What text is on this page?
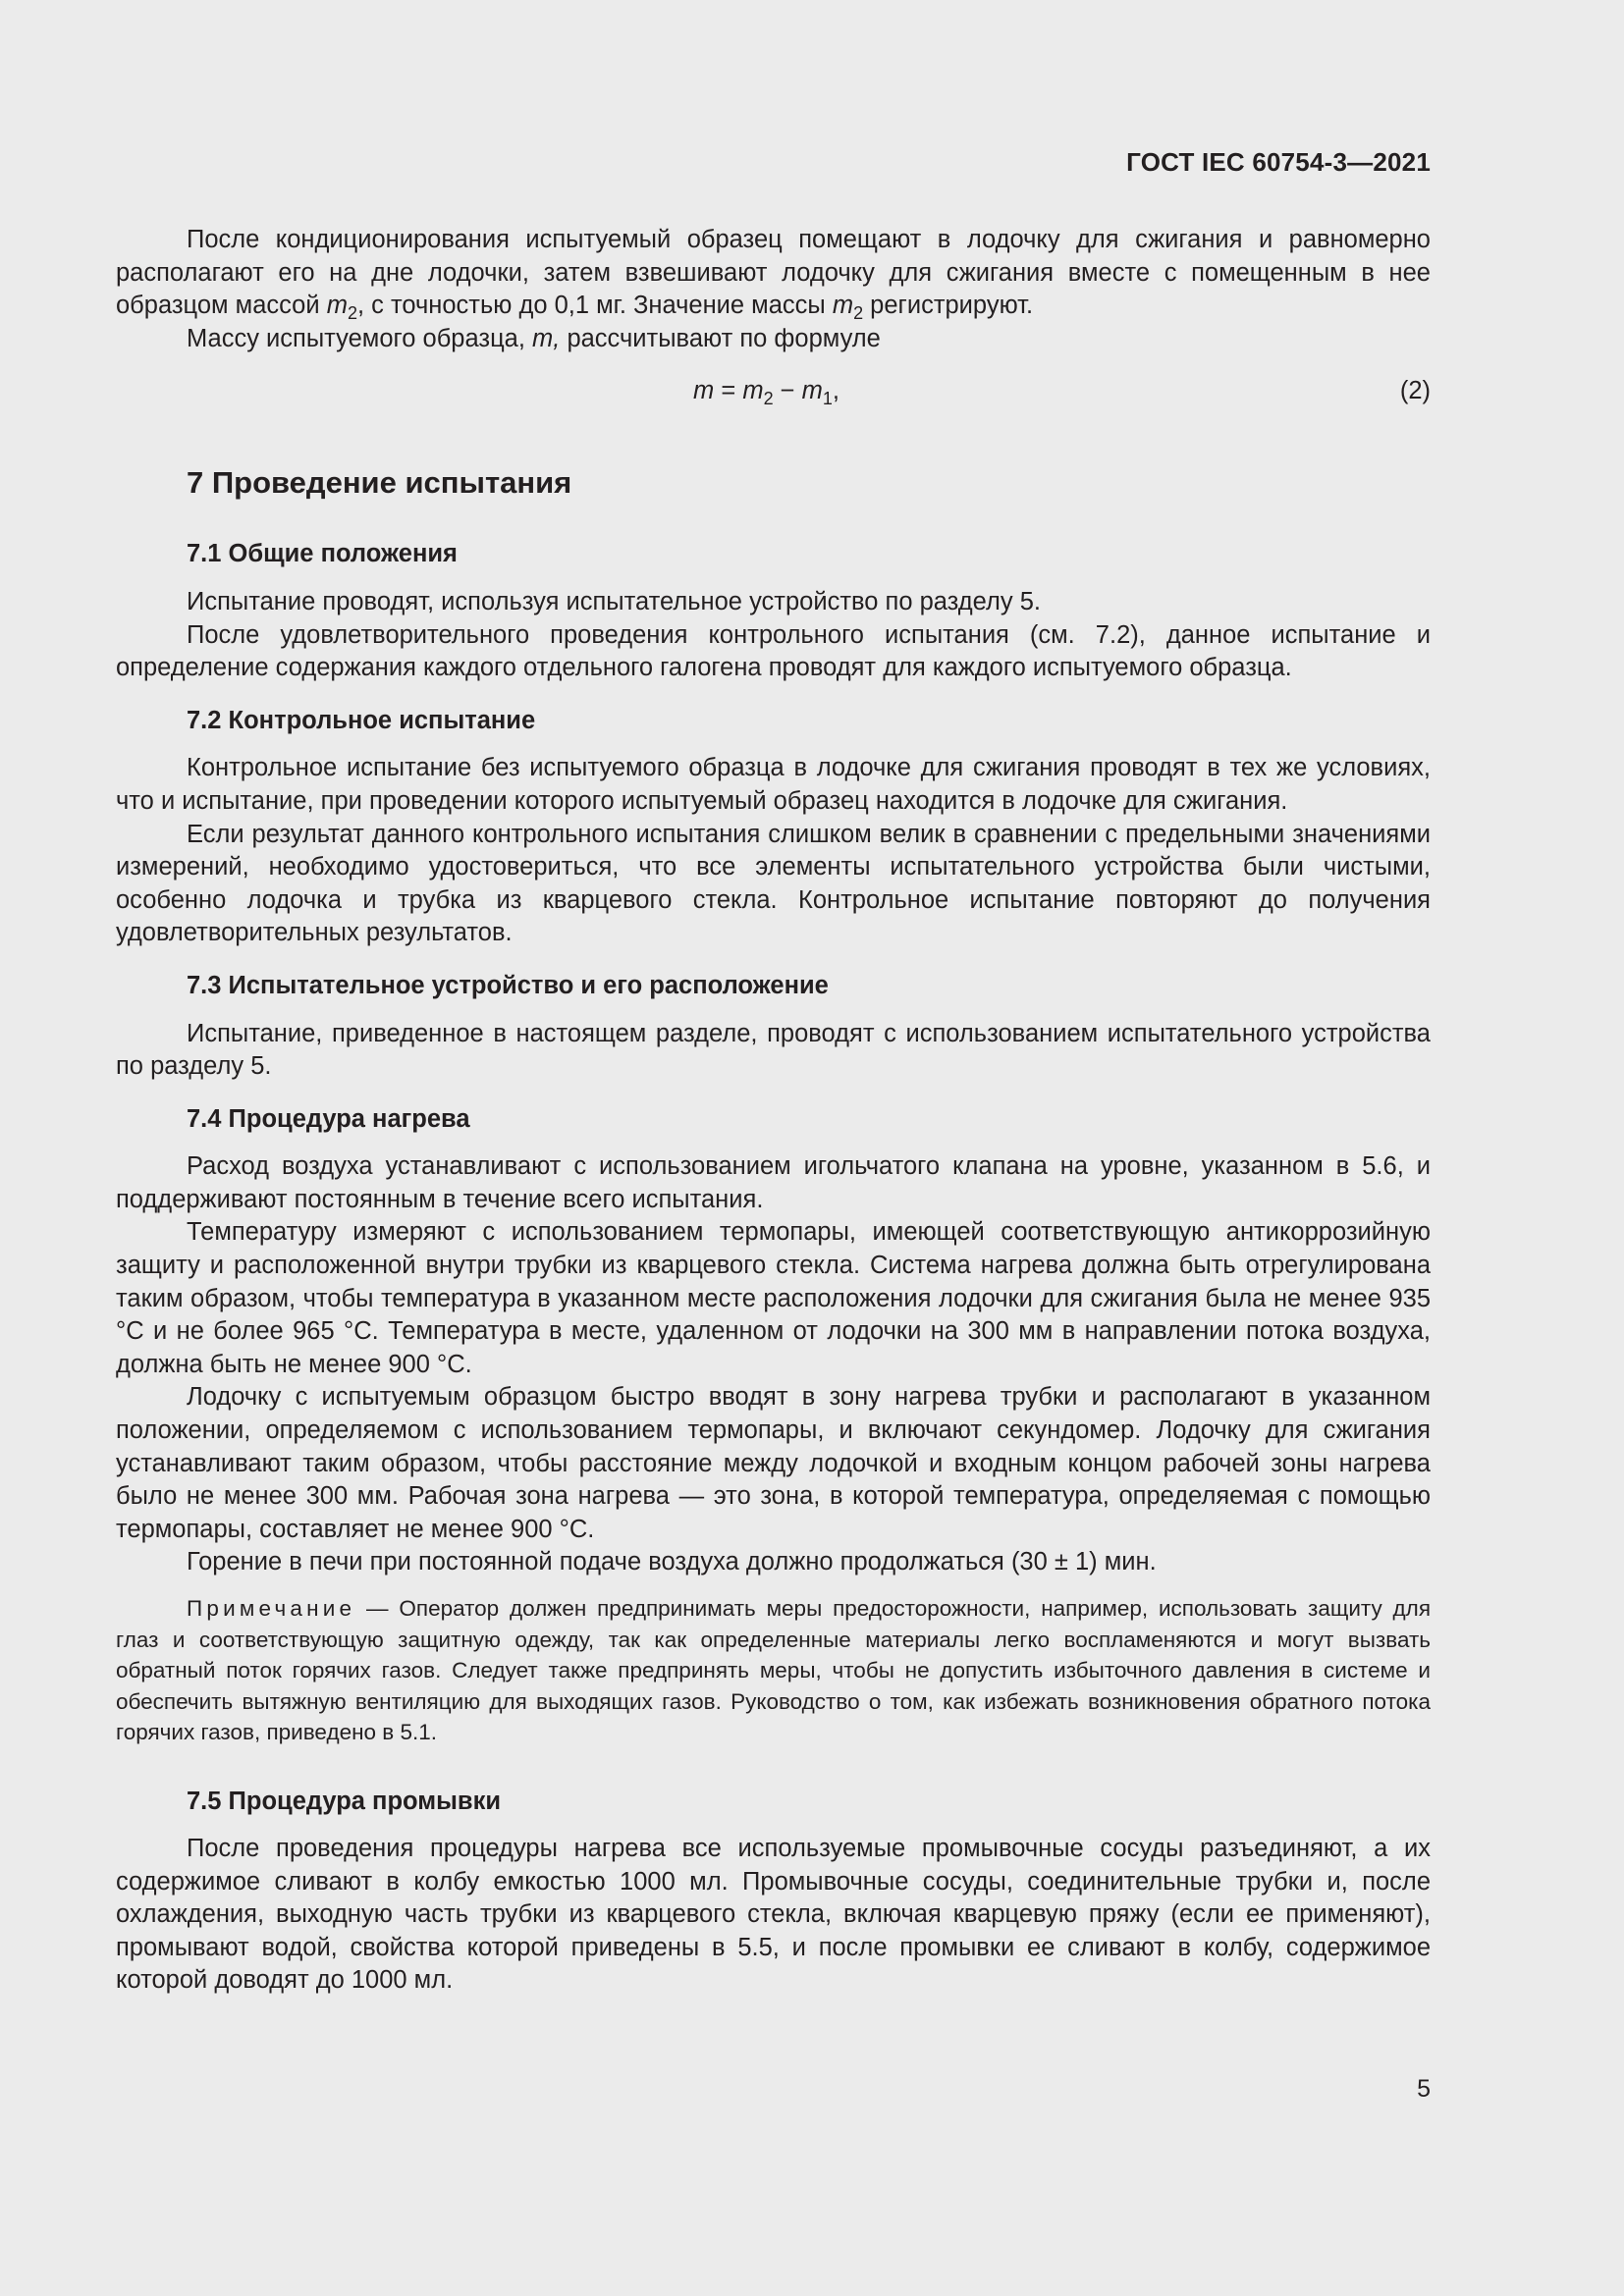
ГОСТ IEC 60754-3—2021

После кондиционирования испытуемый образец помещают в лодочку для сжигания и равномерно располагают его на дне лодочки, затем взвешивают лодочку для сжигания вместе с помещенным в нее образцом массой $m_2$, с точностью до 0,1 мг. Значение массы $m_2$ регистрируют.

Массу испытуемого образца, m, рассчитывают по формуле

$m = m_2 - m_1$,	(2)
7 Проведение испытания
7.1 Общие положения

Испытание проводят, используя испытательное устройство по разделу 5.

После удовлетворительного проведения контрольного испытания (см. 7.2), данное испытание и определение содержания каждого отдельного галогена проводят для каждого испытуемого образца.

7.2 Контрольное испытание

Контрольное испытание без испытуемого образца в лодочке для сжигания проводят в тех же условиях, что и испытание, при проведении которого испытуемый образец находится в лодочке для сжигания.

Если результат данного контрольного испытания слишком велик в сравнении с предельными значениями измерений, необходимо удостовериться, что все элементы испытательного устройства были чистыми, особенно лодочка и трубка из кварцевого стекла. Контрольное испытание повторяют до получения удовлетворительных результатов.

7.3 Испытательное устройство и его расположение

Испытание, приведенное в настоящем разделе, проводят с использованием испытательного устройства по разделу 5.

7.4 Процедура нагрева

Расход воздуха устанавливают с использованием игольчатого клапана на уровне, указанном в 5.6, и поддерживают постоянным в течение всего испытания.

Температуру измеряют с использованием термопары, имеющей соответствующую антикоррозийную защиту и расположенной внутри трубки из кварцевого стекла. Система нагрева должна быть отрегулирована таким образом, чтобы температура в указанном месте расположения лодочки для сжигания была не менее 935 °C и не более 965 °C. Температура в месте, удаленном от лодочки на 300 мм в направлении потока воздуха, должна быть не менее 900 °C.

Лодочку с испытуемым образцом быстро вводят в зону нагрева трубки и располагают в указанном положении, определяемом с использованием термопары, и включают секундомер. Лодочку для сжигания устанавливают таким образом, чтобы расстояние между лодочкой и входным концом рабочей зоны нагрева было не менее 300 мм. Рабочая зона нагрева — это зона, в которой температура, определяемая с помощью термопары, составляет не менее 900 °C.

Горение в печи при постоянной подаче воздуха должно продолжаться (30 ± 1) мин.

Примечание — Оператор должен предпринимать меры предосторожности, например, использовать защиту для глаз и соответствующую защитную одежду, так как определенные материалы легко воспламеняются и могут вызвать обратный поток горячих газов. Следует также предпринять меры, чтобы не допустить избыточного давления в системе и обеспечить вытяжную вентиляцию для выходящих газов. Руководство о том, как избежать возникновения обратного потока горячих газов, приведено в 5.1.

7.5 Процедура промывки

После проведения процедуры нагрева все используемые промывочные сосуды разъединяют, а их содержимое сливают в колбу емкостью 1000 мл. Промывочные сосуды, соединительные трубки и, после охлаждения, выходную часть трубки из кварцевого стекла, включая кварцевую пряжу (если ее применяют), промывают водой, свойства которой приведены в 5.5, и после промывки ее сливают в колбу, содержимое которой доводят до 1000 мл.

5
